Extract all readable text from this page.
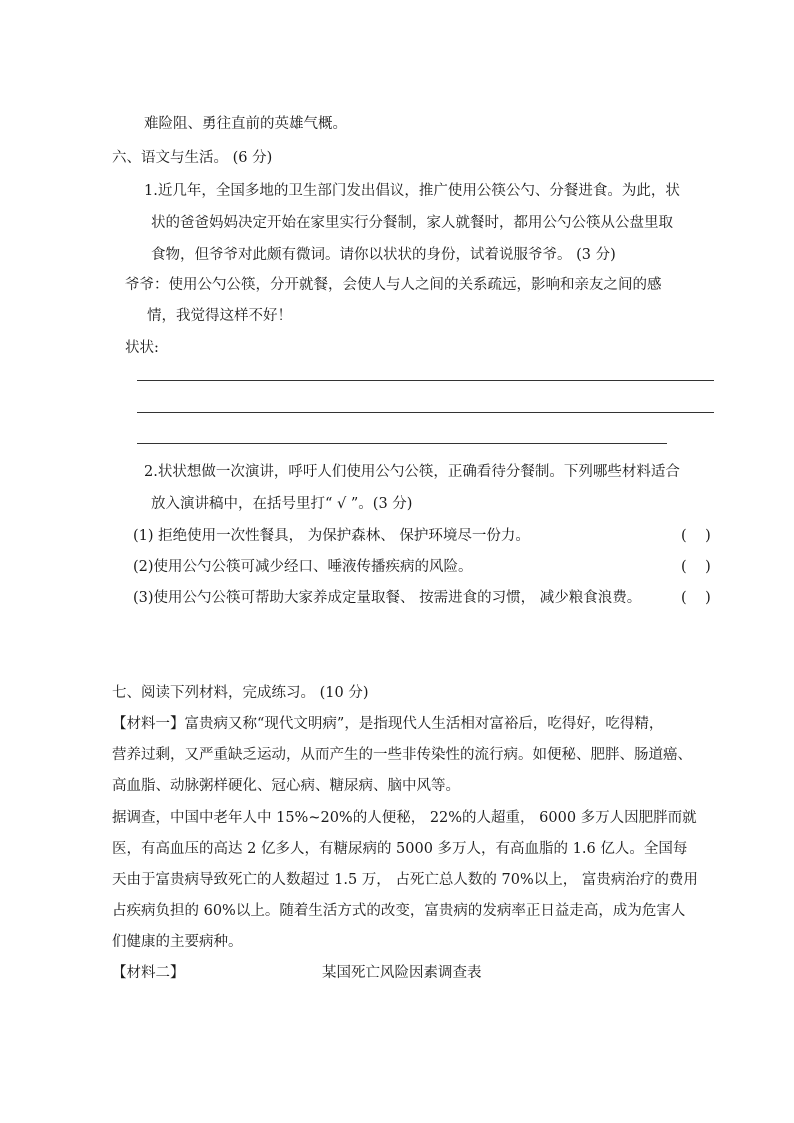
难险阻、勇往直前的英雄气概。
六、语文与生活。 (6 分)
1.近几年，全国多地的卫生部门发出倡议，推广使用公筷公勺、分餐进食。为此，状
状的爸爸妈妈决定开始在家里实行分餐制，家人就餐时，都用公勺公筷从公盘里取
食物，但爷爷对此颇有微词。请你以状状的身份，试着说服爷爷。 (3 分)
爷爷：使用公勺公筷，分开就餐，会使人与人之间的关系疏远，影响和亲友之间的感
情，我觉得这样不好！
状状:
2.状状想做一次演讲，呼吁人们使用公勺公筷，正确看待分餐制。下列哪些材料适合
放入演讲稿中，在括号里打“ √ ”。(3 分)
(1) 拒绝使用一次性餐具， 为保护森林、 保护环境尽一份力。	(    )
(2)使用公勺公筷可减少经口、唾液传播疾病的风险。	(    )
(3)使用公勺公筷可帮助大家养成定量取餐、 按需进食的习惯， 减少粮食浪费。	(    )
七、阅读下列材料，完成练习。 (10 分)
【材料一】富贵病又称“现代文明病”，是指现代人生活相对富裕后，吃得好，吃得精，
营养过剩，又严重缺乏运动，从而产生的一些非传染性的流行病。如便秘、肥胖、肠道癌、
高血脂、动脉粥样硬化、冠心病、糖尿病、脑中风等。
据调查，中国中老年人中 15%~20%的人便秘， 22%的人超重， 6000 多万人因肥胖而就
医，有高血压的高达 2 亿多人，有糖尿病的 5000 多万人，有高血脂的 1.6 亿人。全国每
天由于富贵病导致死亡的人数超过 1.5 万， 占死亡总人数的 70%以上， 富贵病治疗的费用
占疾病负担的 60%以上。随着生活方式的改变，富贵病的发病率正日益走高，成为危害人
们健康的主要病种。
【材料二】	某国死亡风险因素调查表
